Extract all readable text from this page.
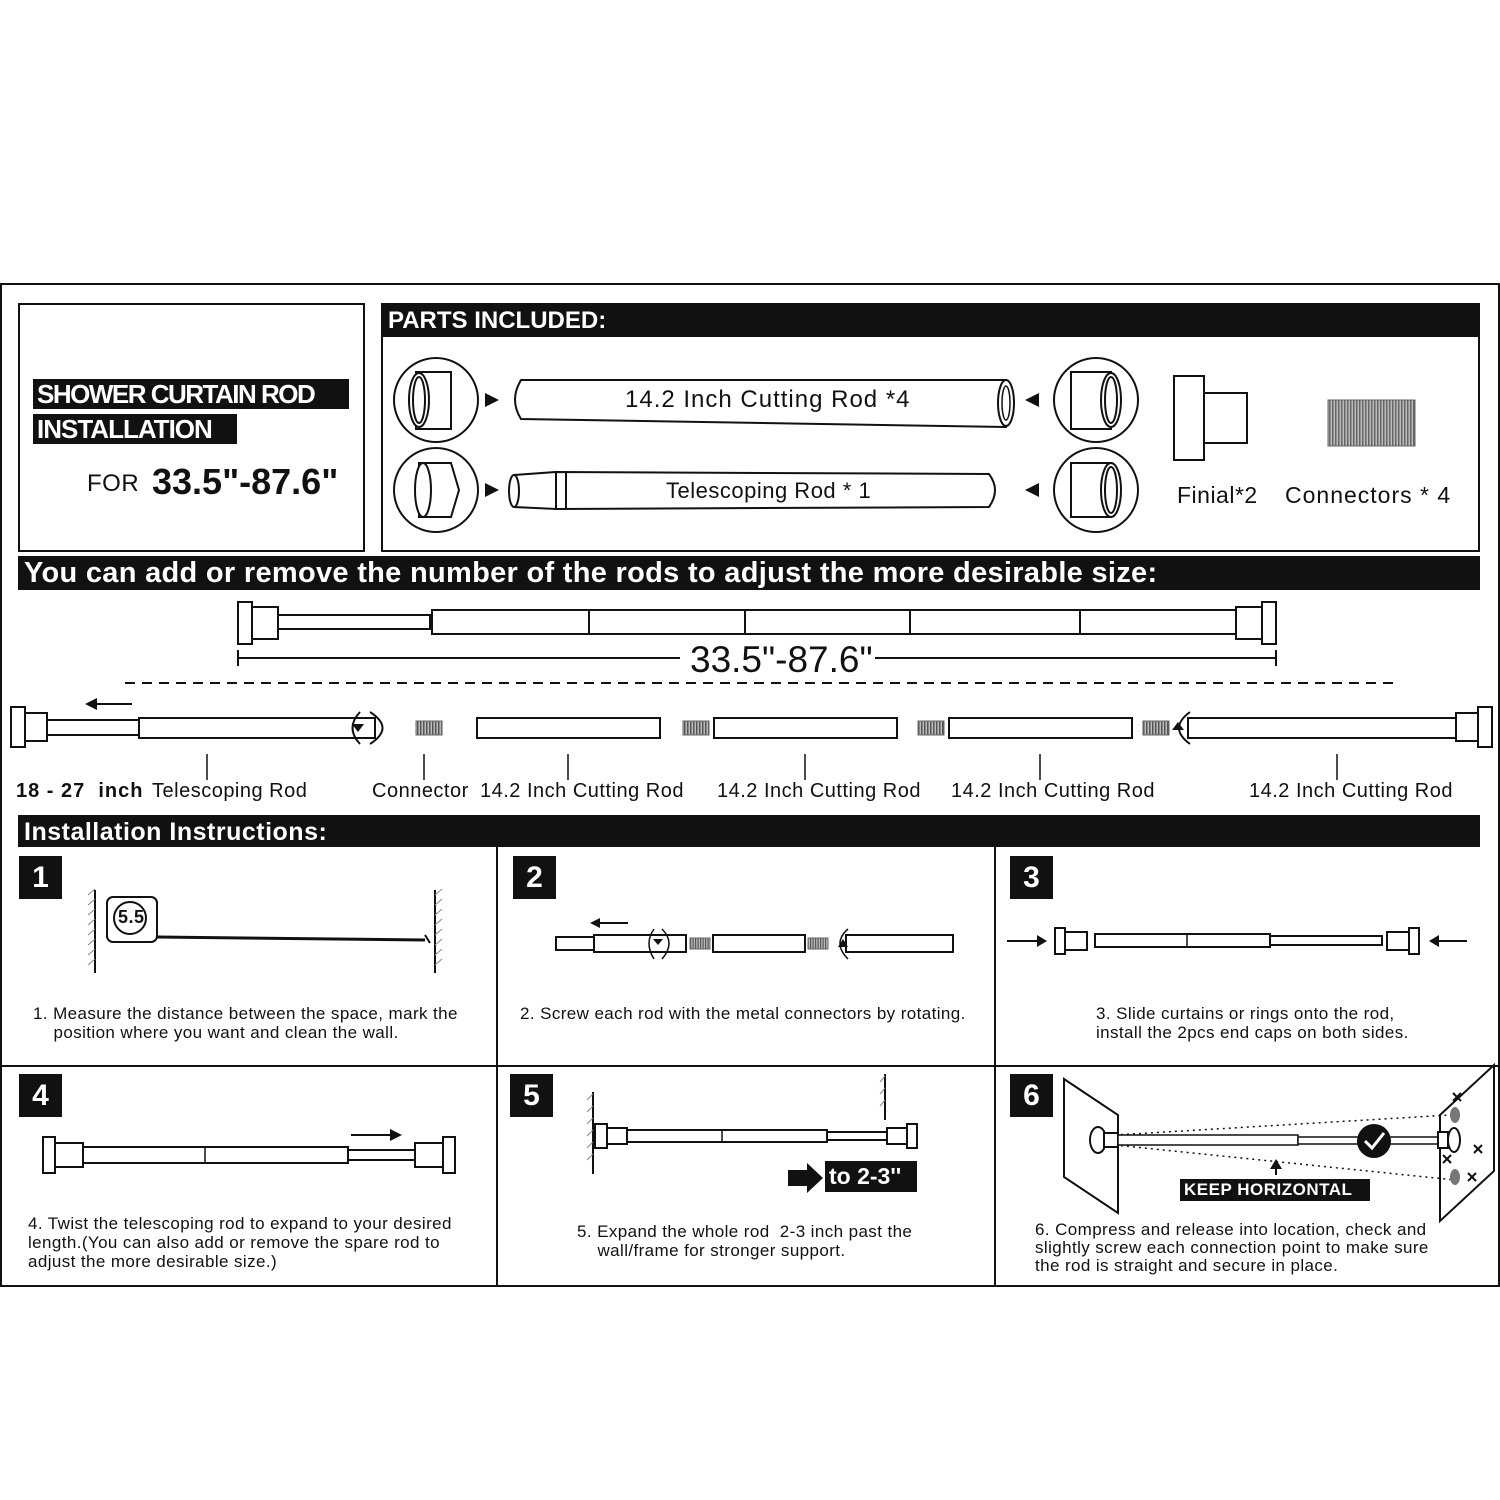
SHOWER CURTAIN ROD
INSTALLATION
FOR 33.5"-87.6"
PARTS INCLUDED:
14.2 Inch Cutting Rod *4
Telescoping Rod * 1	Finial*2 Connectors * 4
You can add or remove the number of the rods to adjust the more desirable size:
33.5"-87.6"
18 - 27  inch Telescoping Rod	Connector 14.2 Inch Cutting Rod 14.2 Inch Cutting Rod 14.2 Inch Cutting Rod	14.2 Inch Cutting Rod
Installation Instructions:
1	2	3
4	5	6
5.5
to 2-3''
KEEP HORIZONTAL
1. Measure the distance between the space, mark the
position where you want and clean the wall.
2. Screw each rod with the metal connectors by rotating.	3. Slide curtains or rings onto the rod,
install the 2pcs end caps on both sides.
4. Twist the telescoping rod to expand to your desired
length.(You can also add or remove the spare rod to
adjust the more desirable size.)
5. Expand the whole rod  2-3 inch past the
wall/frame for stronger support.
6. Compress and release into location, check and
slightly screw each connection point to make sure
the rod is straight and secure in place.
